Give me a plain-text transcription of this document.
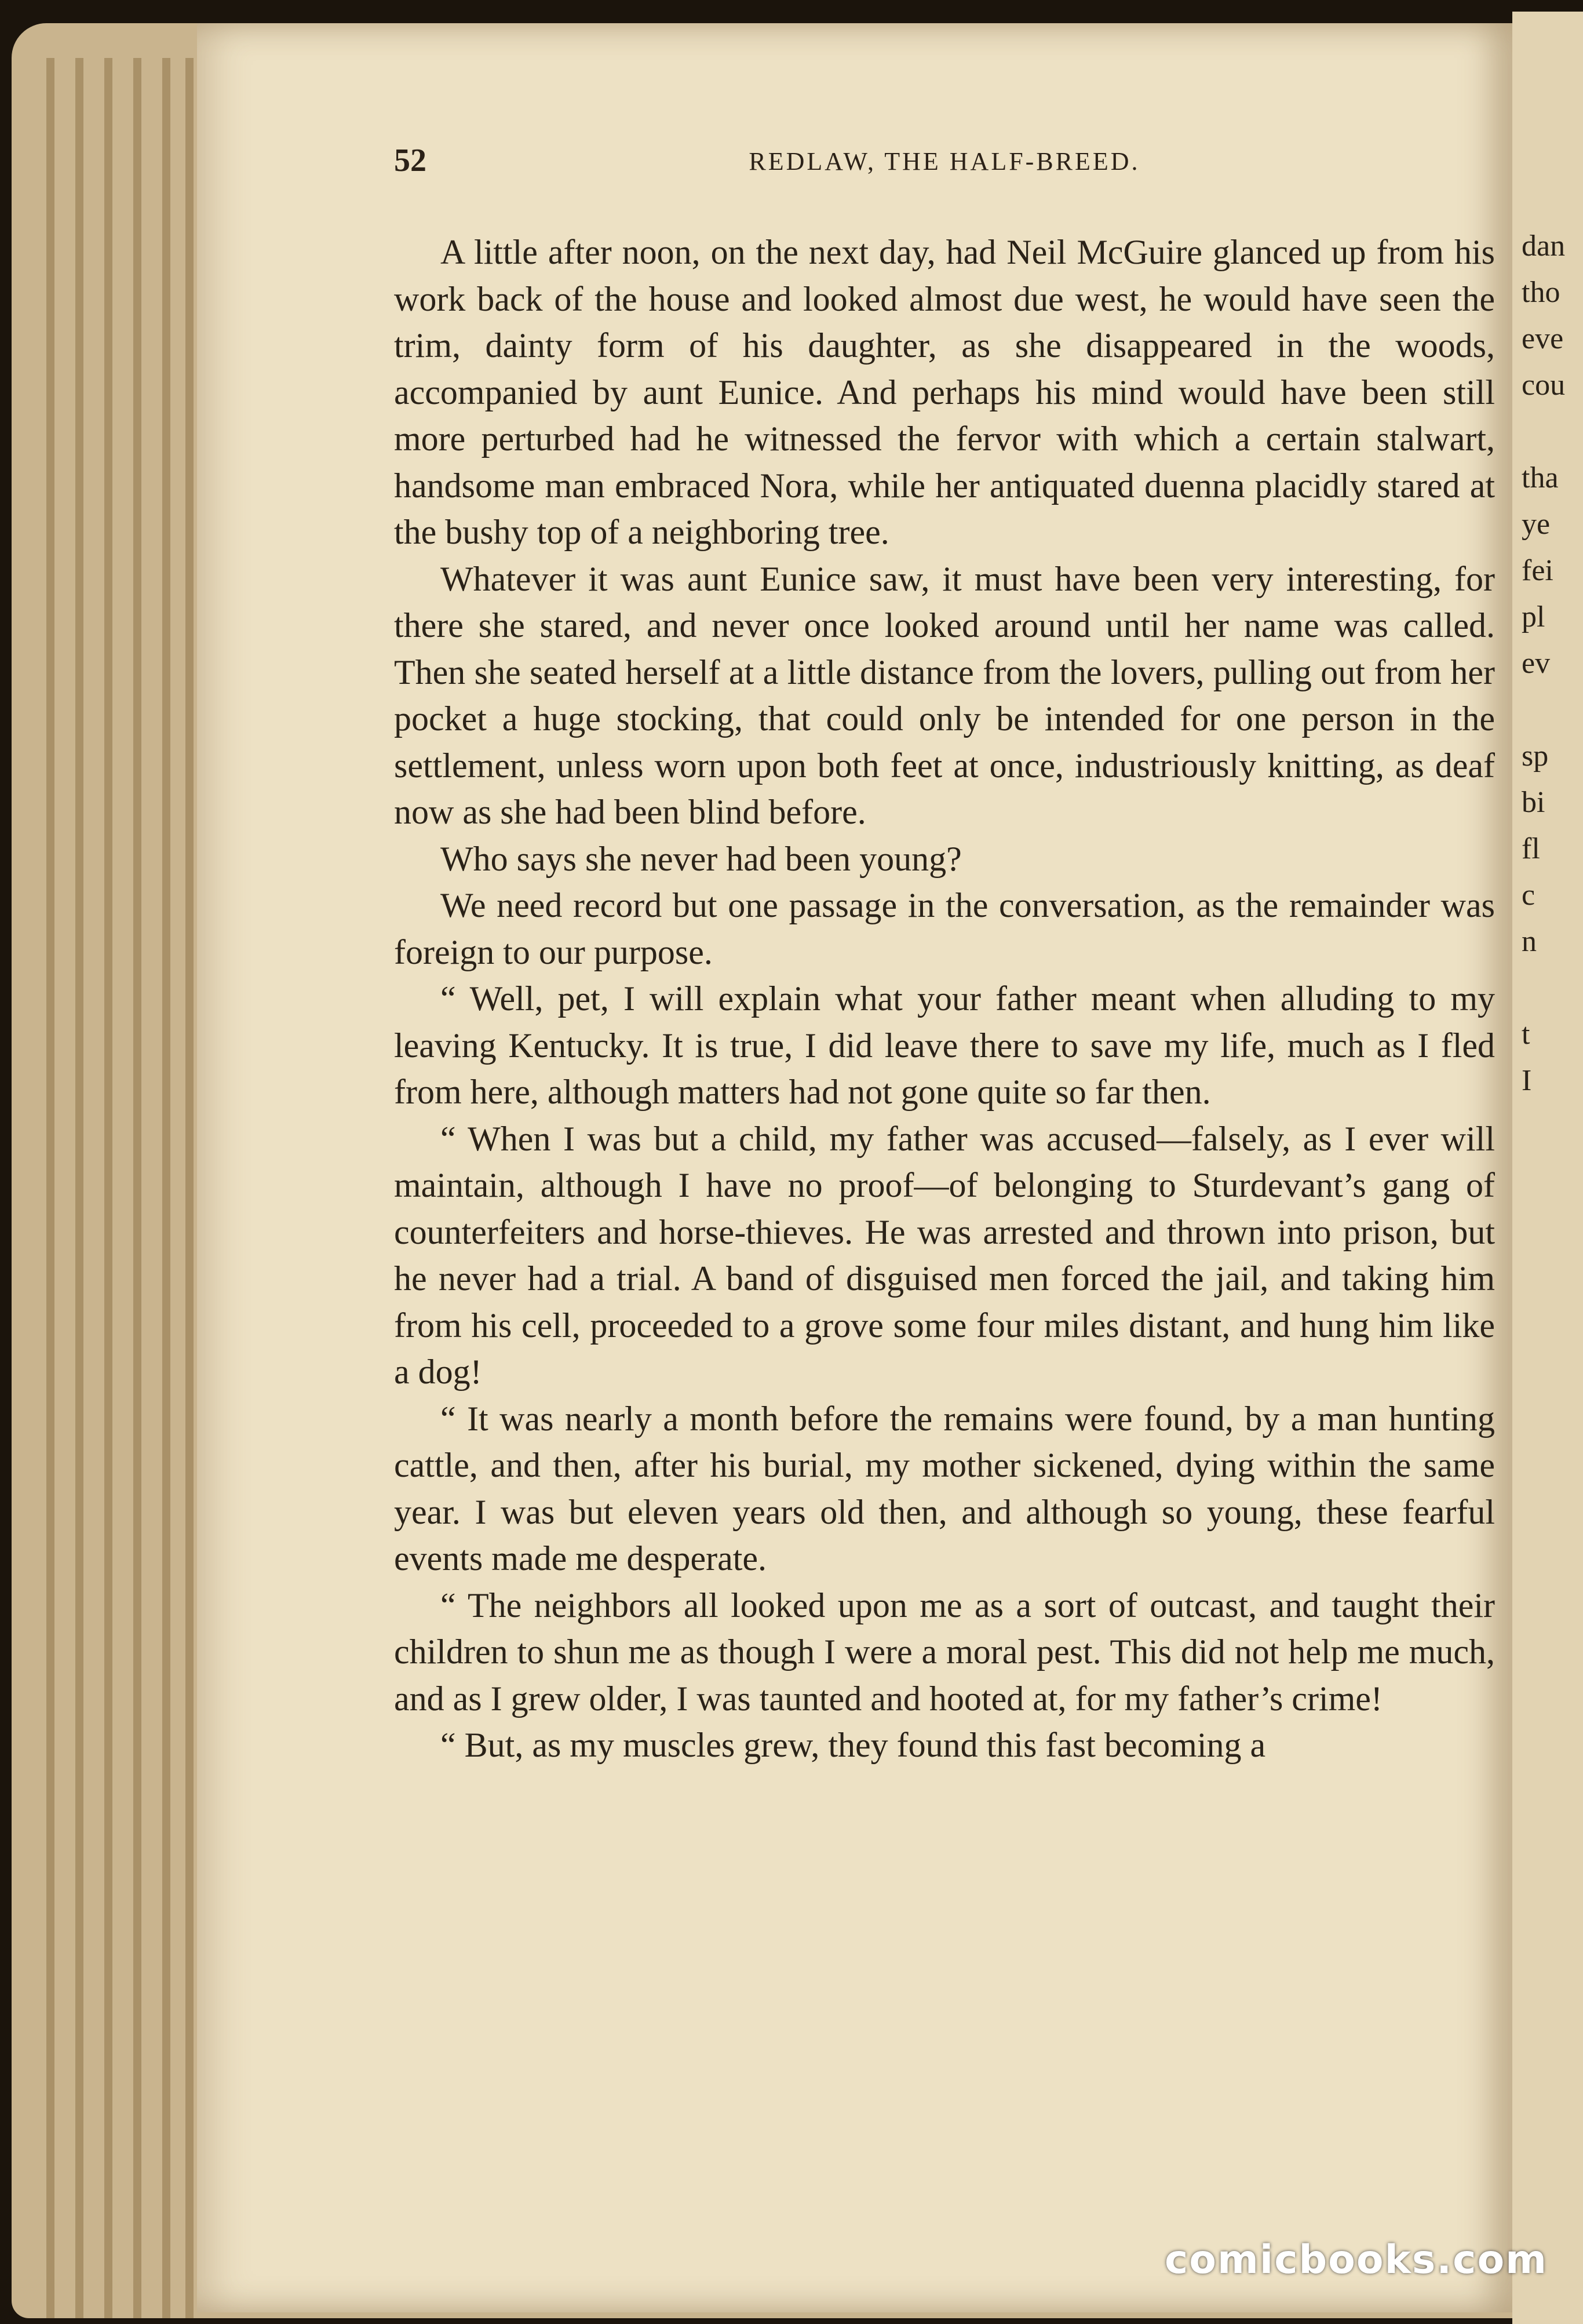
dan
tho
eve
cou
tha
ye
fei
pl
ev
sp
bi
fl
c
n
t
I
52	REDLAW, THE HALF-BREED.

A little after noon, on the next day, had Neil McGuire glanced up from his work back of the house and looked almost due west, he would have seen the trim, dainty form of his daughter, as she disappeared in the woods, accompanied by aunt Eunice. And perhaps his mind would have been still more perturbed had he witnessed the fervor with which a certain stalwart, handsome man embraced Nora, while her antiquated duenna placidly stared at the bushy top of a neighboring tree.

Whatever it was aunt Eunice saw, it must have been very interesting, for there she stared, and never once looked around until her name was called. Then she seated herself at a little distance from the lovers, pulling out from her pocket a huge stocking, that could only be intended for one person in the settlement, unless worn upon both feet at once, industriously knitting, as deaf now as she had been blind before.

Who says she never had been young?

We need record but one passage in the conversation, as the remainder was foreign to our purpose.

“ Well, pet, I will explain what your father meant when alluding to my leaving Kentucky. It is true, I did leave there to save my life, much as I fled from here, although matters had not gone quite so far then.

“ When I was but a child, my father was accused—falsely, as I ever will maintain, although I have no proof—of belonging to Sturdevant’s gang of counterfeiters and horse-thieves. He was arrested and thrown into prison, but he never had a trial. A band of disguised men forced the jail, and taking him from his cell, proceeded to a grove some four miles distant, and hung him like a dog!

“ It was nearly a month before the remains were found, by a man hunting cattle, and then, after his burial, my mother sickened, dying within the same year. I was but eleven years old then, and although so young, these fearful events made me desperate.

“ The neighbors all looked upon me as a sort of outcast, and taught their children to shun me as though I were a moral pest. This did not help me much, and as I grew older, I was taunted and hooted at, for my father’s crime!

“ But, as my muscles grew, they found this fast becoming a

comicbooks.com
